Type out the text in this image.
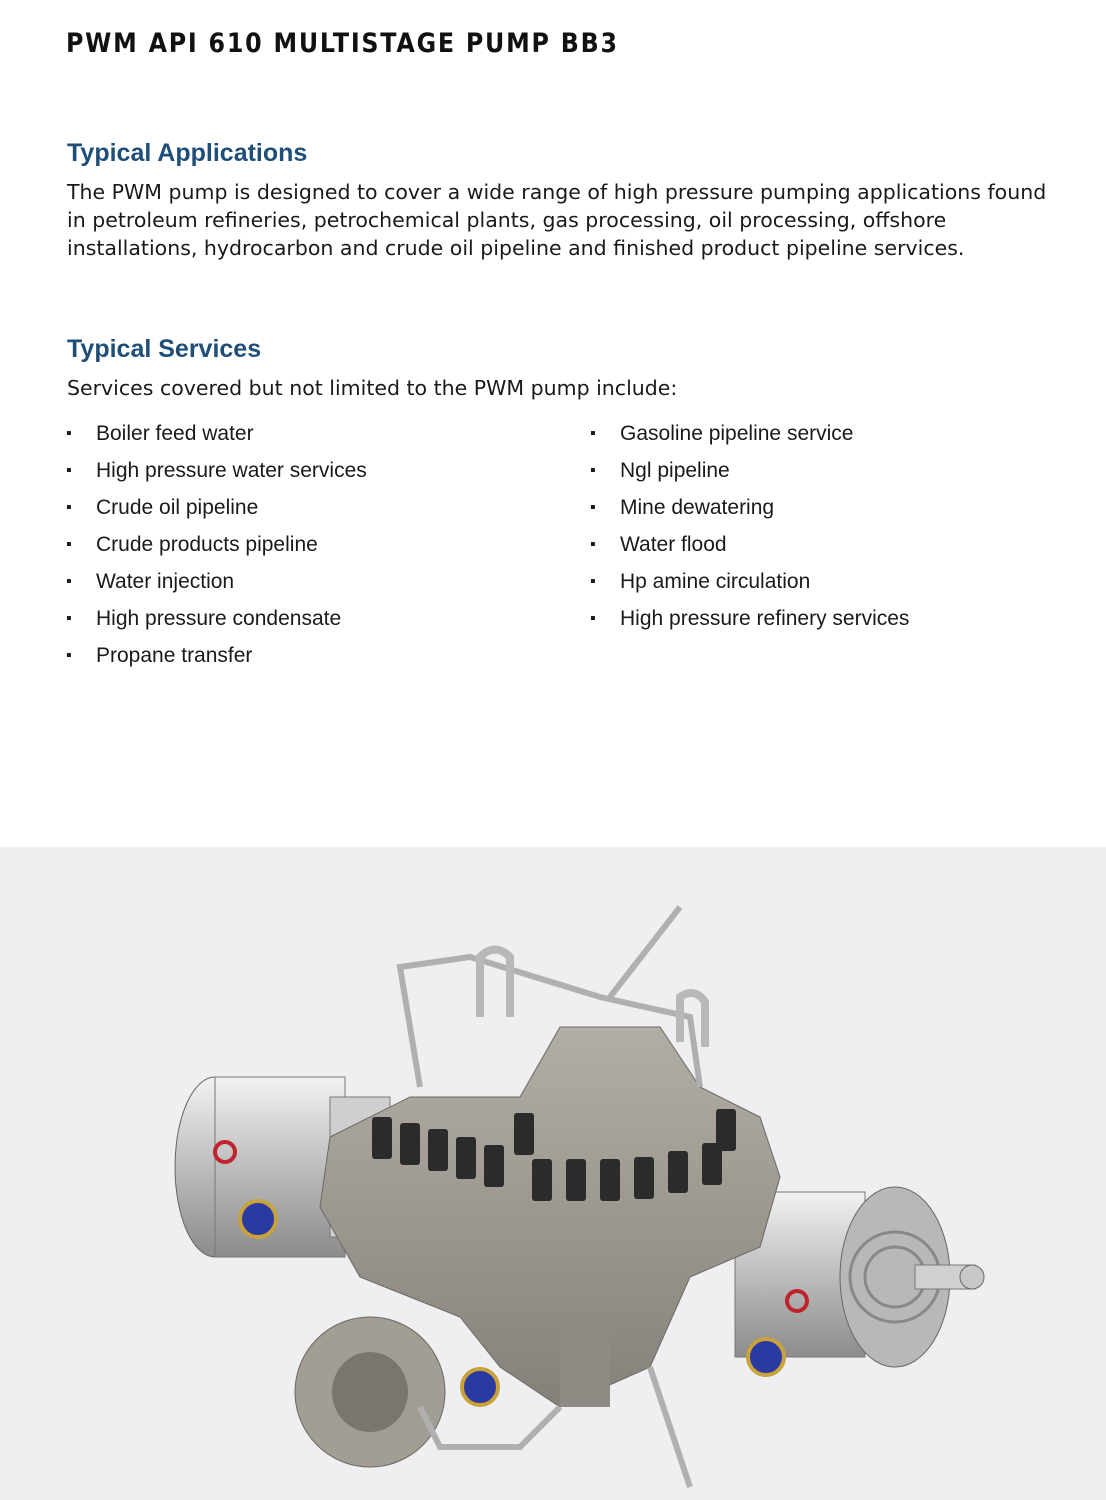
PWM API 610 MULTISTAGE PUMP BB3
Typical Applications
The PWM pump is designed to cover a wide range of high pressure pumping applications found in petroleum refineries, petrochemical plants, gas processing, oil processing, offshore installations, hydrocarbon and crude oil pipeline and finished product pipeline services.
Typical Services
Services covered but not limited to the PWM pump include:
▪	Boiler feed water
▪	High pressure water services
▪	Crude oil pipeline
▪	Crude products pipeline
▪	Water injection
▪	High pressure condensate
▪	Propane transfer
▪	Gasoline pipeline service
▪	Ngl pipeline
▪	Mine dewatering
▪	Water flood
▪	Hp amine circulation
▪	High pressure refinery services
